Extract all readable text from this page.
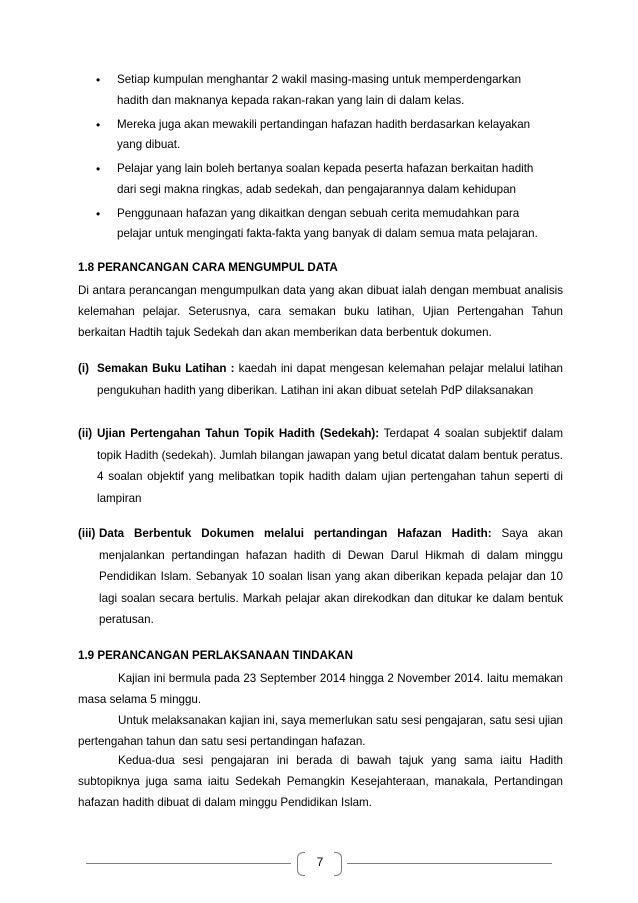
• Setiap kumpulan menghantar 2 wakil masing-masing untuk memperdengarkan hadith dan maknanya kepada rakan-rakan yang lain di dalam kelas.
• Mereka juga akan mewakili pertandingan hafazan hadith berdasarkan kelayakan yang dibuat.
• Pelajar yang lain boleh bertanya soalan kepada peserta hafazan berkaitan hadith dari segi makna ringkas, adab sedekah, dan pengajarannya dalam kehidupan
• Penggunaan hafazan yang dikaitkan dengan sebuah cerita memudahkan para pelajar untuk mengingati fakta-fakta yang banyak di dalam semua mata pelajaran.
1.8 PERANCANGAN CARA MENGUMPUL DATA
Di antara perancangan mengumpulkan data yang akan dibuat ialah dengan membuat analisis kelemahan pelajar. Seterusnya, cara semakan buku latihan, Ujian Pertengahan Tahun berkaitan Hadtih tajuk Sedekah dan akan memberikan data berbentuk dokumen.
(i) Semakan Buku Latihan : kaedah ini dapat mengesan kelemahan pelajar melalui latihan pengukuhan hadith yang diberikan. Latihan ini akan dibuat setelah PdP dilaksanakan
(ii) Ujian Pertengahan Tahun Topik Hadith (Sedekah): Terdapat 4 soalan subjektif dalam topik Hadith (sedekah). Jumlah bilangan jawapan yang betul dicatat dalam bentuk peratus. 4 soalan objektif yang melibatkan topik hadith dalam ujian pertengahan tahun seperti di lampiran
(iii) Data Berbentuk Dokumen melalui pertandingan Hafazan Hadith: Saya akan menjalankan pertandingan hafazan hadith di Dewan Darul Hikmah di dalam minggu Pendidikan Islam. Sebanyak 10 soalan lisan yang akan diberikan kepada pelajar dan 10 lagi soalan secara bertulis. Markah pelajar akan direkodkan dan ditukar ke dalam bentuk peratusan.
1.9 PERANCANGAN PERLAKSANAAN TINDAKAN
Kajian ini bermula pada 23 September 2014 hingga 2 November 2014. Iaitu memakan masa selama 5 minggu.
Untuk melaksanakan kajian ini, saya memerlukan satu sesi pengajaran, satu sesi ujian pertengahan tahun dan satu sesi pertandingan hafazan.
Kedua-dua sesi pengajaran ini berada di bawah tajuk yang sama iaitu Hadith subtopiknya juga sama iaitu Sedekah Pemangkin Kesejahteraan, manakala, Pertandingan hafazan hadith dibuat di dalam minggu Pendidikan Islam.
7
